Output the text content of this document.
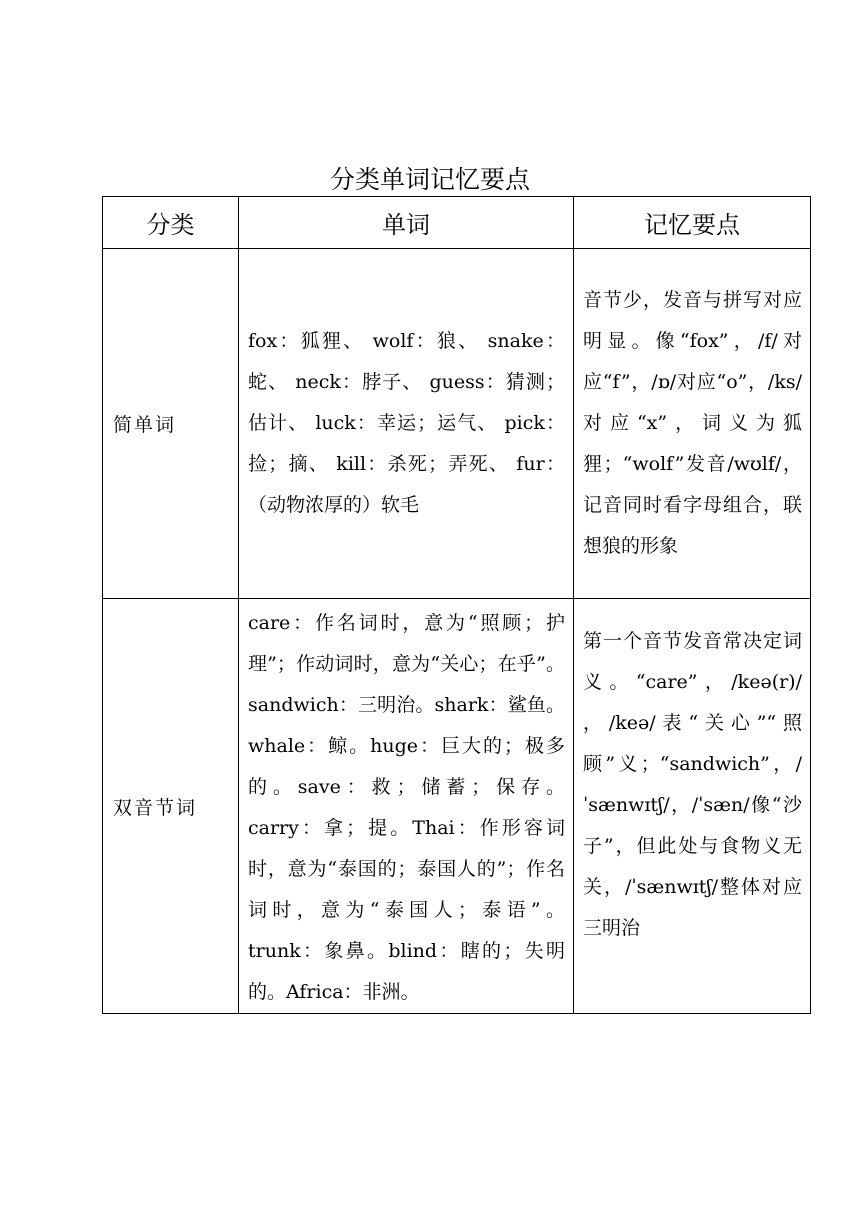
分类单词记忆要点
分类	单词	记忆要点
简单词	fox：狐狸、 wolf：狼、 snake：蛇、 neck：脖子、 guess：猜测；估计、 luck：幸运；运气、 pick：捡；摘、 kill：杀死；弄死、 fur：（动物浓厚的）软毛	音节少，发音与拼写对应明显。像“fox”，/f/对应“f”，/ɒ/对应“o”，/ks/对应“x”，词义为狐狸；“wolf”发音/wʊlf/，记音同时看字母组合，联想狼的形象
双音节词	care：作名词时，意为“照顾；护理”；作动词时，意为“关心；在乎”。sandwich：三明治。shark：鲨鱼。whale：鲸。huge：巨大的；极多的。save：救；储蓄；保存。carry：拿；提。Thai：作形容词时，意为“泰国的；泰国人的”；作名词时，意为“泰国人；泰语”。trunk：象鼻。blind：瞎的；失明的。Africa：非洲。	第一个音节发音常决定词义。“care”，/keə(r)/ ，/keə/表“关心”“照顾”义；“sandwich”，/ˈsænwɪtʃ/，/ˈsæn/像“沙子”，但此处与食物义无关，/ˈsænwɪtʃ/整体对应三明治
